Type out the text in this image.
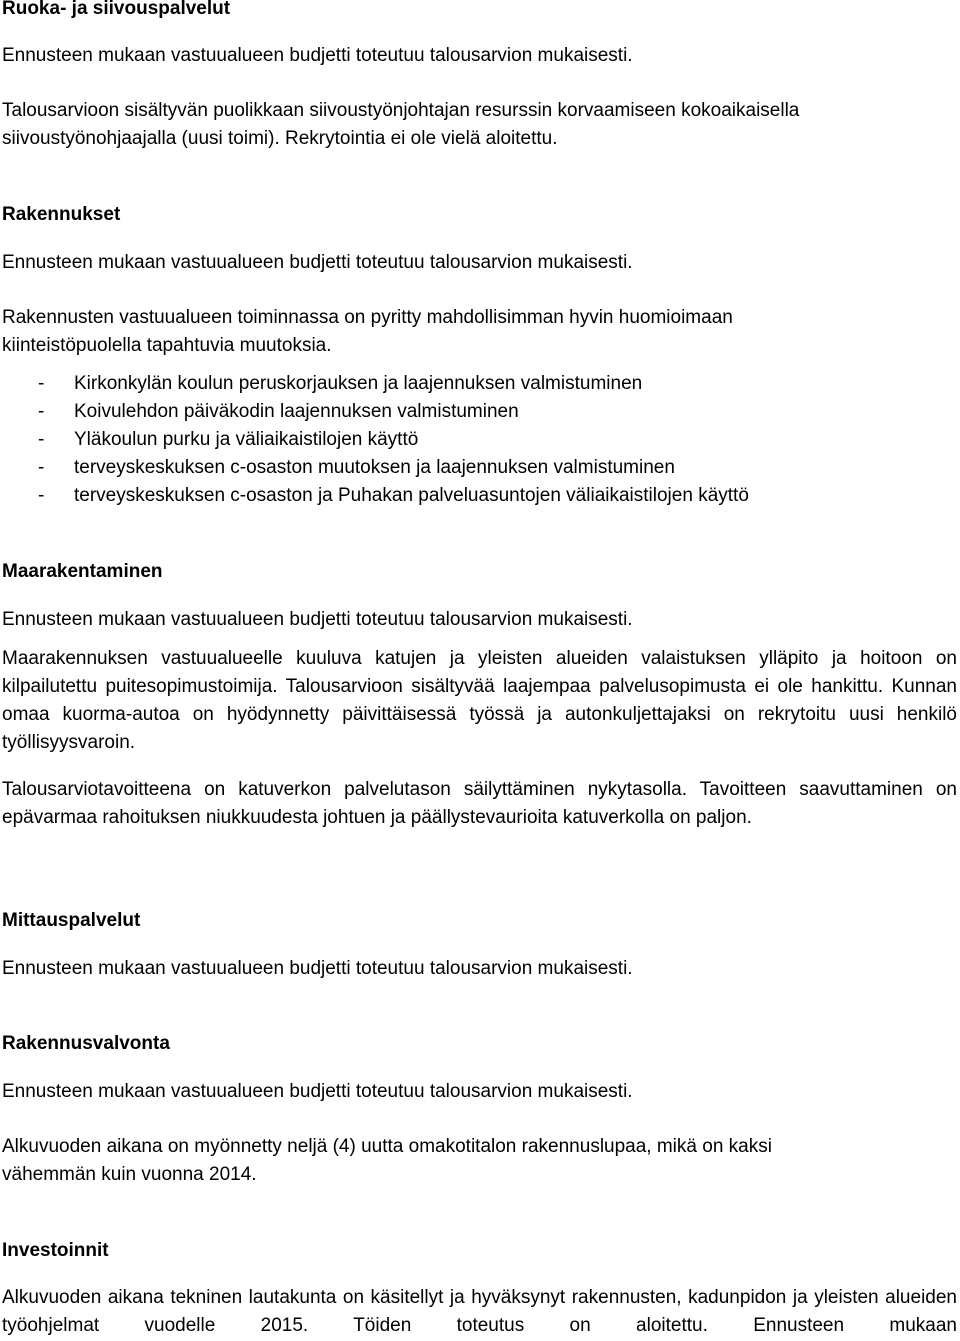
Ruoka- ja siivouspalvelut
Ennusteen mukaan vastuualueen budjetti toteutuu talousarvion mukaisesti.
Talousarvioon sisältyvän puolikkaan siivoustyönjohtajan resurssin korvaamiseen kokoaikaisella
siivoustyönohjaajalla (uusi toimi). Rekrytointia ei ole vielä aloitettu.
Rakennukset
Ennusteen mukaan vastuualueen budjetti toteutuu talousarvion mukaisesti.
Rakennusten vastuualueen toiminnassa on pyritty mahdollisimman hyvin huomioimaan
kiinteistöpuolella tapahtuvia muutoksia.
- Kirkonkylän koulun peruskorjauksen ja laajennuksen valmistuminen
- Koivulehdon päiväkodin laajennuksen valmistuminen
- Yläkoulun purku ja väliaikaistilojen käyttö
- terveyskeskuksen c-osaston muutoksen ja laajennuksen valmistuminen
- terveyskeskuksen c-osaston ja Puhakan palveluasuntojen väliaikaistilojen käyttö
Maarakentaminen
Ennusteen mukaan vastuualueen budjetti toteutuu talousarvion mukaisesti.
Maarakennuksen vastuualueelle kuuluva katujen ja yleisten alueiden valaistuksen ylläpito ja hoitoon on kilpailutettu puitesopimustoimija. Talousarvioon sisältyvää laajempaa palvelusopimusta ei ole hankittu. Kunnan omaa kuorma-autoa on hyödynnetty päivittäisessä työssä ja autonkuljettajaksi on rekrytoitu uusi henkilö työllisyysvaroin.
Talousarviotavoitteena on katuverkon palvelutason säilyttäminen nykytasolla. Tavoitteen saavuttaminen on epävarmaa rahoituksen niukkuudesta johtuen ja päällystevaurioita katuverkolla on paljon.
Mittauspalvelut
Ennusteen mukaan vastuualueen budjetti toteutuu talousarvion mukaisesti.
Rakennusvalvonta
Ennusteen mukaan vastuualueen budjetti toteutuu talousarvion mukaisesti.
Alkuvuoden aikana on myönnetty neljä (4) uutta omakotitalon rakennuslupaa, mikä on kaksi
vähemmän kuin vuonna 2014.
Investoinnit
Alkuvuoden aikana tekninen lautakunta on käsitellyt ja hyväksynyt rakennusten, kadunpidon ja yleisten alueiden työohjelmat vuodelle 2015. Töiden toteutus on aloitettu. Ennusteen mukaan
